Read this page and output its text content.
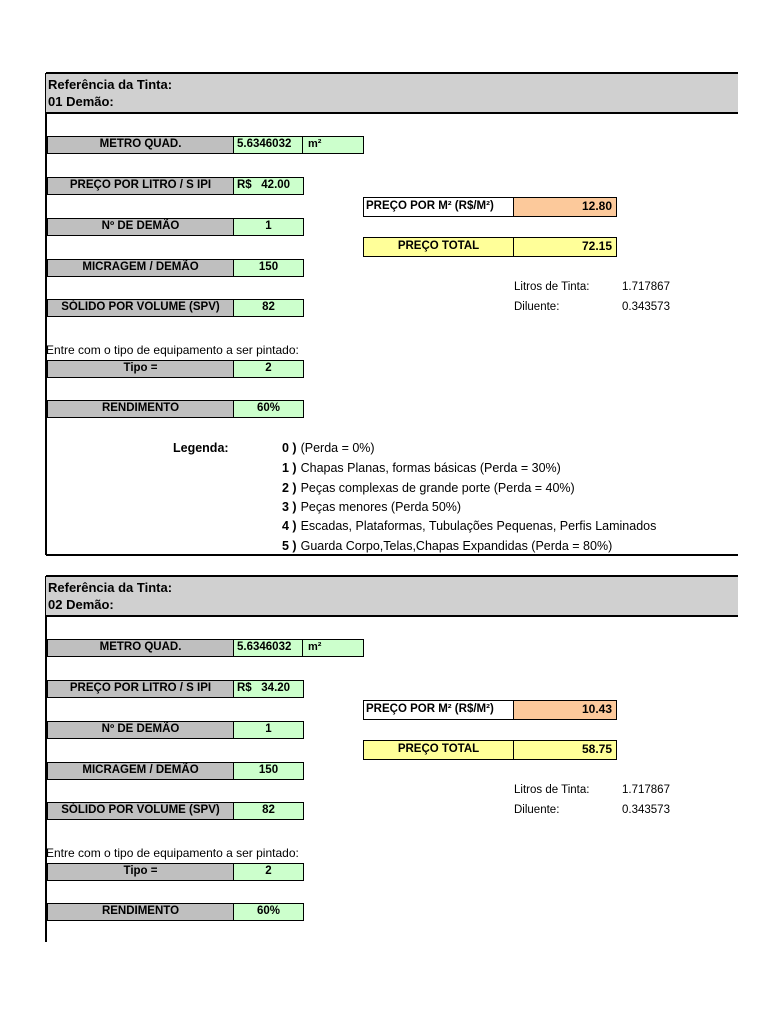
Referência da Tinta:
01 Demão:
METRO QUAD.	5.6346032	m²
PREÇO POR LITRO / S IPI	R$   42.00
Nº DE DEMÃO	1
MICRAGEM / DEMÃO	150
SÓLIDO POR VOLUME (SPV)	82
PREÇO POR M² (R$/M²)	12.80
PREÇO TOTAL	72.15
Litros de Tinta:	1.717867
Diluente:	0.343573
Entre com o tipo de equipamento a ser pintado:
Tipo =	2
RENDIMENTO	60%
Legenda:	0 ) (Perda = 0%)
1 ) Chapas Planas, formas básicas (Perda = 30%)
2 ) Peças complexas de grande porte (Perda = 40%)
3 ) Peças menores (Perda 50%)
4 ) Escadas, Plataformas, Tubulações Pequenas, Perfis Laminados
5 ) Guarda Corpo,Telas,Chapas Expandidas (Perda = 80%)
Referência da Tinta:
02 Demão:
METRO QUAD.	5.6346032	m²
PREÇO POR LITRO / S IPI	R$   34.20
Nº DE DEMÃO	1
MICRAGEM / DEMÃO	150
SÓLIDO POR VOLUME (SPV)	82
PREÇO POR M² (R$/M²)	10.43
PREÇO TOTAL	58.75
Litros de Tinta:	1.717867
Diluente:	0.343573
Entre com o tipo de equipamento a ser pintado:
Tipo =	2
RENDIMENTO	60%
